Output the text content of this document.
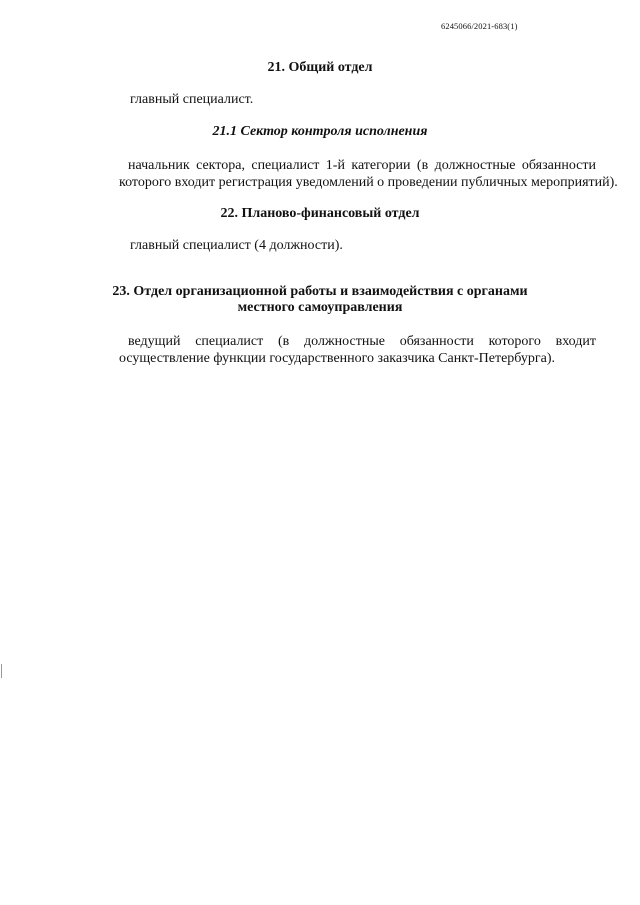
6245066/2021-683(1)
21. Общий отдел
главный специалист.
21.1 Сектор контроля исполнения
начальник сектора, специалист 1-й категории (в должностные обязанности
которого входит регистрация уведомлений о проведении публичных мероприятий).
22. Планово-финансовый отдел
главный специалист (4 должности).
23. Отдел организационной работы и взаимодействия с органами
местного самоуправления
ведущий специалист (в должностные обязанности которого входит
осуществление функции государственного заказчика Санкт-Петербурга).
